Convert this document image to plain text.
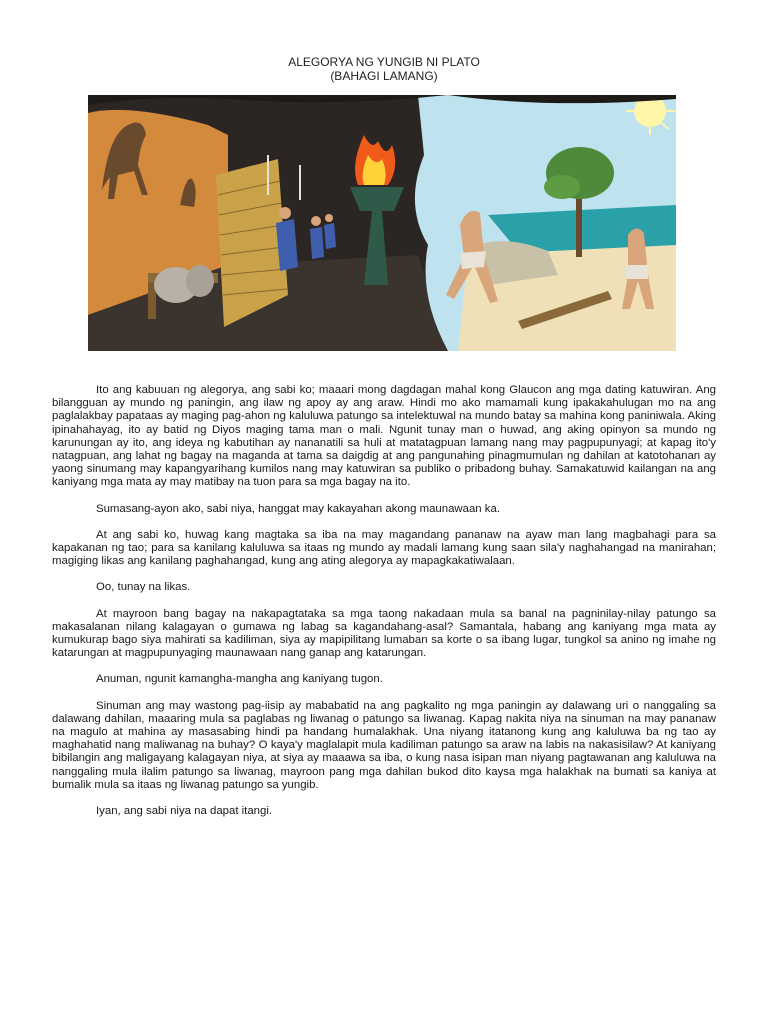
ALEGORYA NG YUNGIB NI PLATO
(BAHAGI LAMANG)

Ito ang kabuuan ng alegorya, ang sabi ko; maaari mong dagdagan mahal kong Glaucon ang mga dating katuwiran. Ang bilangguan ay mundo ng paningin, ang ilaw ng apoy ay ang araw. Hindi mo ako mamamali kung ipakakahulugan mo na ang paglalakbay papataas ay maging pag-ahon ng kaluluwa patungo sa intelektuwal na mundo batay sa mahina kong paniniwala. Aking ipinahahayag, ito ay batid ng Diyos maging tama man o mali. Ngunit tunay man o huwad, ang aking opinyon sa mundo ng karunungan ay ito, ang ideya ng kabutihan ay nananatili sa huli at matatagpuan lamang nang may pagpupunyagi; at kapag ito'y natagpuan, ang lahat ng bagay na maganda at tama sa daigdig at ang pangunahing pinagmumulan ng dahilan at katotohanan ay yaong sinumang may kapangyarihang kumilos nang may katuwiran sa publiko o pribadong buhay. Samakatuwid kailangan na ang kaniyang mga mata ay may matibay na tuon para sa mga bagay na ito.

Sumasang-ayon ako, sabi niya, hanggat may kakayahan akong maunawaan ka.

At ang sabi ko, huwag kang magtaka sa iba na may magandang pananaw na ayaw man lang magbahagi para sa kapakanan ng tao; para sa kanilang kaluluwa sa itaas ng mundo ay madali lamang kung saan sila'y naghahangad na manirahan; magiging likas ang kanilang paghahangad, kung ang ating alegorya ay mapagkakatiwalaan.

Oo, tunay na likas.

At mayroon bang bagay na nakapagtataka sa mga taong nakadaan mula sa banal na pagninilay-nilay patungo sa makasalanan nilang kalagayan o gumawa ng labag sa kagandahang-asal? Samantala, habang ang kaniyang mga mata ay kumukurap bago siya mahirati sa kadiliman, siya ay mapipilitang lumaban sa korte o sa ibang lugar, tungkol sa anino ng imahe ng katarungan at magpupunyaging maunawaan nang ganap ang katarungan.

Anuman, ngunit kamangha-mangha ang kaniyang tugon.

Sinuman ang may wastong pag-iisip ay mababatid na ang pagkalito ng mga paningin ay dalawang uri o nanggaling sa dalawang dahilan, maaaring mula sa paglabas ng liwanag o patungo sa liwanag. Kapag nakita niya na sinuman na may pananaw na magulo at mahina ay masasabing hindi pa handang humalakhak. Una niyang itatanong kung ang kaluluwa ba ng tao ay maghahatid nang maliwanag na buhay? O kaya'y maglalapit mula kadiliman patungo sa araw na labis na nakasisilaw? At kaniyang bibilangin ang maligayang kalagayan niya, at siya ay maaawa sa iba, o kung nasa isipan man niyang pagtawanan ang kaluluwa na nanggaling mula ilalim patungo sa liwanag, mayroon pang mga dahilan bukod dito kaysa mga halakhak na bumati sa kaniya at bumalik mula sa itaas ng liwanag patungo sa yungib.

Iyan, ang sabi niya na dapat itangi.
